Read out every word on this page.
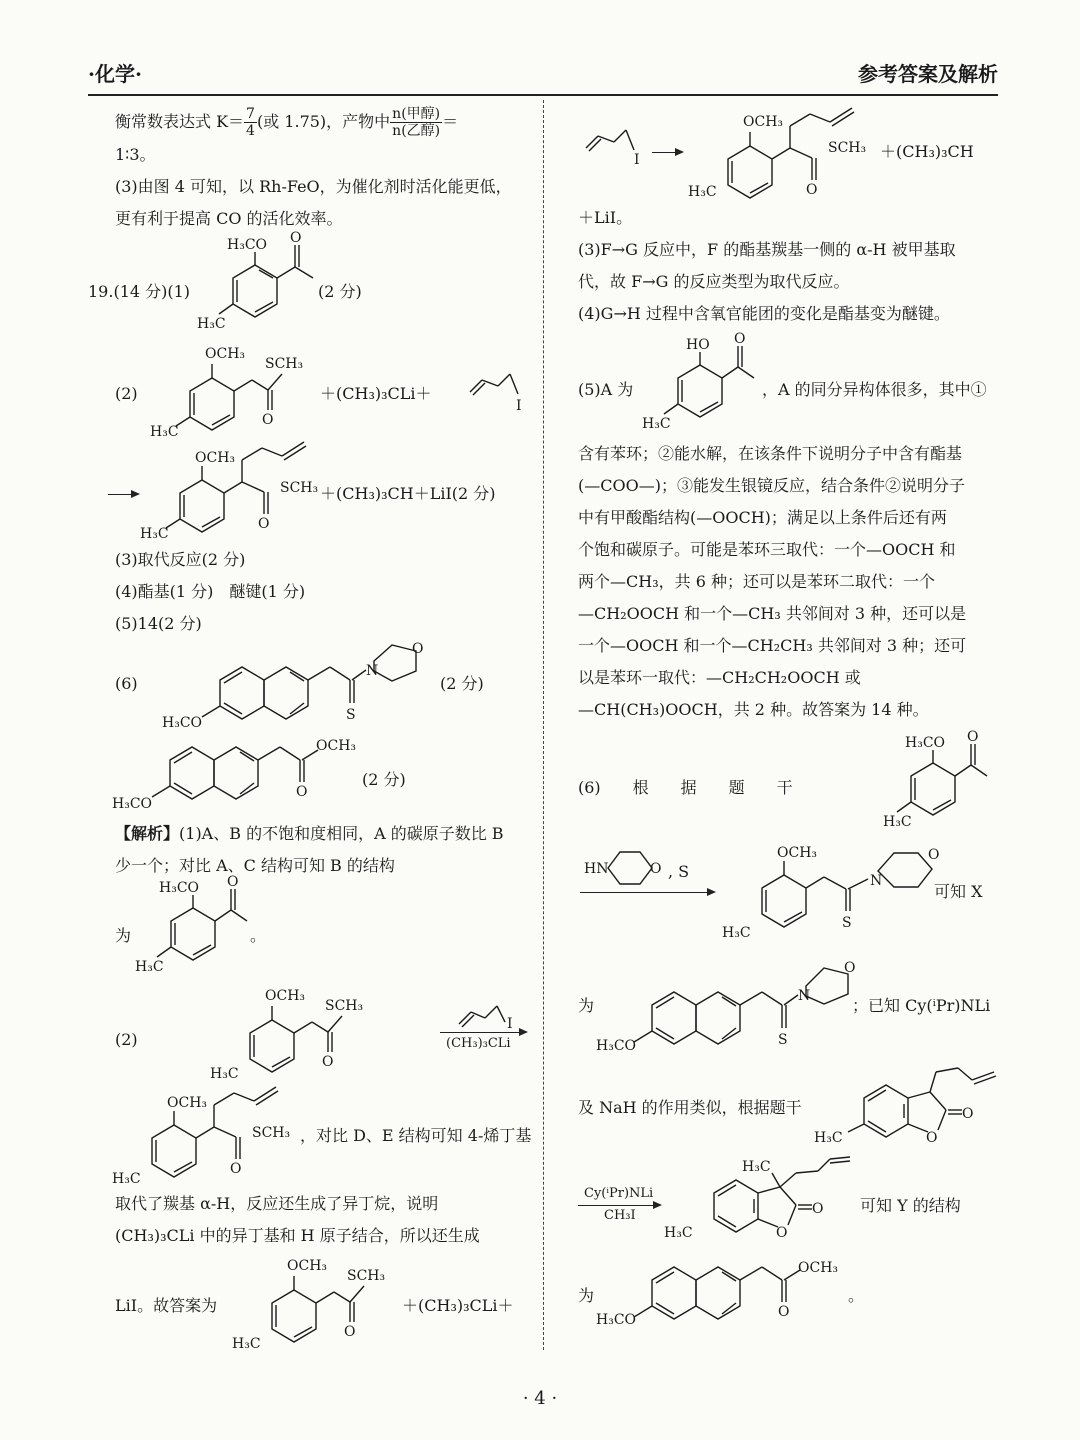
·化学·	参考答案及解析

衡常数表达式 $K= \frac{7}{4}$ (或 1.75)，产物中 $\frac{\text{n(甲醇)}}{\text{n(乙醇)}}$ ＝

1∶3。

(3)由图 4 可知，以 Rh-FeO，为催化剂时活化能更低，

更有利于提高 CO 的活化效率。

19.(14 分)(1)	(2 分)
H₃CO O
H₃C
(2)
OCH₃
SCH₃
O
H₃C
＋(CH₃)₃CLi＋
I
OCH₃
SCH₃
O
H₃C
＋(CH₃)₃CH＋LiI(2 分)

(3)取代反应(2 分)

(4)酯基(1 分)　醚键(1 分)

(5)14(2 分)

(6)
N
O
S
H₃CO
(2 分)
OCH₃
O
H₃CO
(2 分)

【解析】(1)A、B 的不饱和度相同，A 的碳原子数比 B

少一个；对比 A、C 结构可知 B 的结构

为
H₃CO O
H₃C
。
(2)
OCH₃
SCH₃
O
H₃C
I
(CH₃)₃CLi
OCH₃
SCH₃
O
H₃C
，对比 D、E 结构可知 4-烯丁基

取代了羰基 α-H，反应还生成了异丁烷，说明

(CH₃)₃CLi 中的异丁基和 H 原子结合，所以还生成

LiI。故答案为
OCH₃
SCH₃
O
H₃C
＋(CH₃)₃CLi＋
I →
OCH₃
SCH₃
O
H₃C
＋(CH₃)₃CH

＋LiI。

(3)F→G 反应中，F 的酯基羰基一侧的 α-H 被甲基取

代，故 F→G 的反应类型为取代反应。

(4)G→H 过程中含氧官能团的变化是酯基变为醚键。

(5)A 为
HO O
H₃C
，A 的同分异构体很多，其中①

含有苯环；②能水解，在该条件下说明分子中含有酯基

(—COO—)；③能发生银镜反应，结合条件②说明分子

中有甲酸酯结构(—OOCH)；满足以上条件后还有两

个饱和碳原子。可能是苯环三取代：一个—OOCH 和

两个—CH₃，共 6 种；还可以是苯环二取代：一个

—CH₂OOCH 和一个—CH₃ 共邻间对 3 种，还可以是

一个—OOCH 和一个—CH₂CH₃ 共邻间对 3 种；还可

以是苯环一取代：—CH₂CH₂OOCH 或

—CH(CH₃)OOCH，共 2 种。故答案为 14 种。

(6)　　根　　据　　题　　干
H₃CO O
H₃C
HN	O , S
OCH₃
N
O
S
H₃C
可知 X
为	N
O
S
H₃CO
；已知 Cy(ⁱPr)NLi
及 NaH 的作用类似，根据题干
O
O
H₃C
Cy(ⁱPr)NLi
CH₃I
H₃C
O
O
H₃C
可知 Y 的结构
为
OCH₃
O
H₃CO
。
· 4 ·
